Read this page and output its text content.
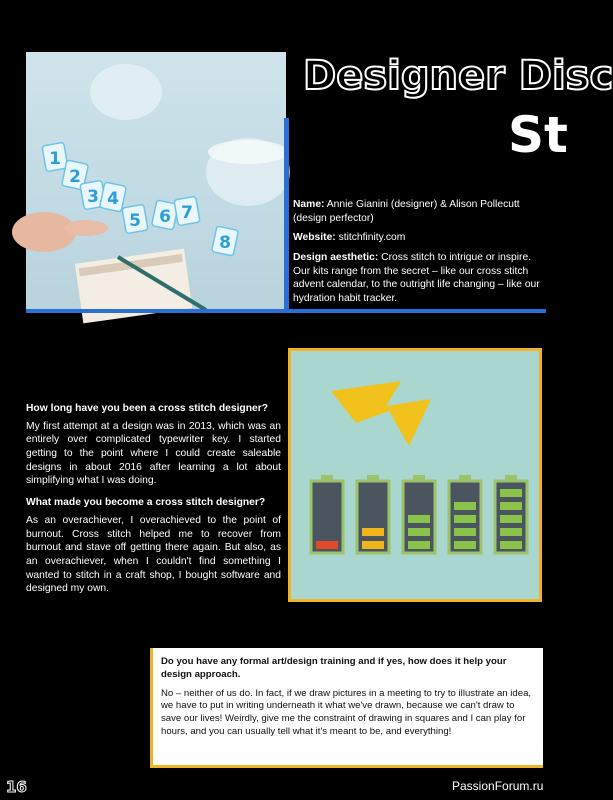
Designer Disc
St
1
2
3 4
5 6 7
8

Name: Annie Gianini (designer) & Alison Pollecutt (design perfector)

Website: stitchfinity.com

Design aesthetic: Cross stitch to intrigue or inspire. Our kits range from the secret – like our cross stitch advent calendar, to the outright life changing – like our hydration habit tracker.

How long have you been a cross stitch designer?

My first attempt at a design was in 2013, which was an entirely over complicated typewriter key. I started getting to the point where I could create saleable designs in about 2016 after learning a lot about simplifying what I was doing.

What made you become a cross stitch designer?

As an overachiever, I overachieved to the point of burnout. Cross stitch helped me to recover from burnout and stave off getting there again. But also, as an overachiever, when I couldn't find something I wanted to stitch in a craft shop, I bought software and designed my own.

Do you have any formal art/design training and if yes, how does it help your design approach.

No – neither of us do. In fact, if we draw pictures in a meeting to try to illustrate an idea, we have to put in writing underneath it what we've drawn, because we can't draw to save our lives! Weirdly, give me the constraint of drawing in squares and I can play for hours, and you can usually tell what it's meant to be, and everything!

16	PassionForum.ru
